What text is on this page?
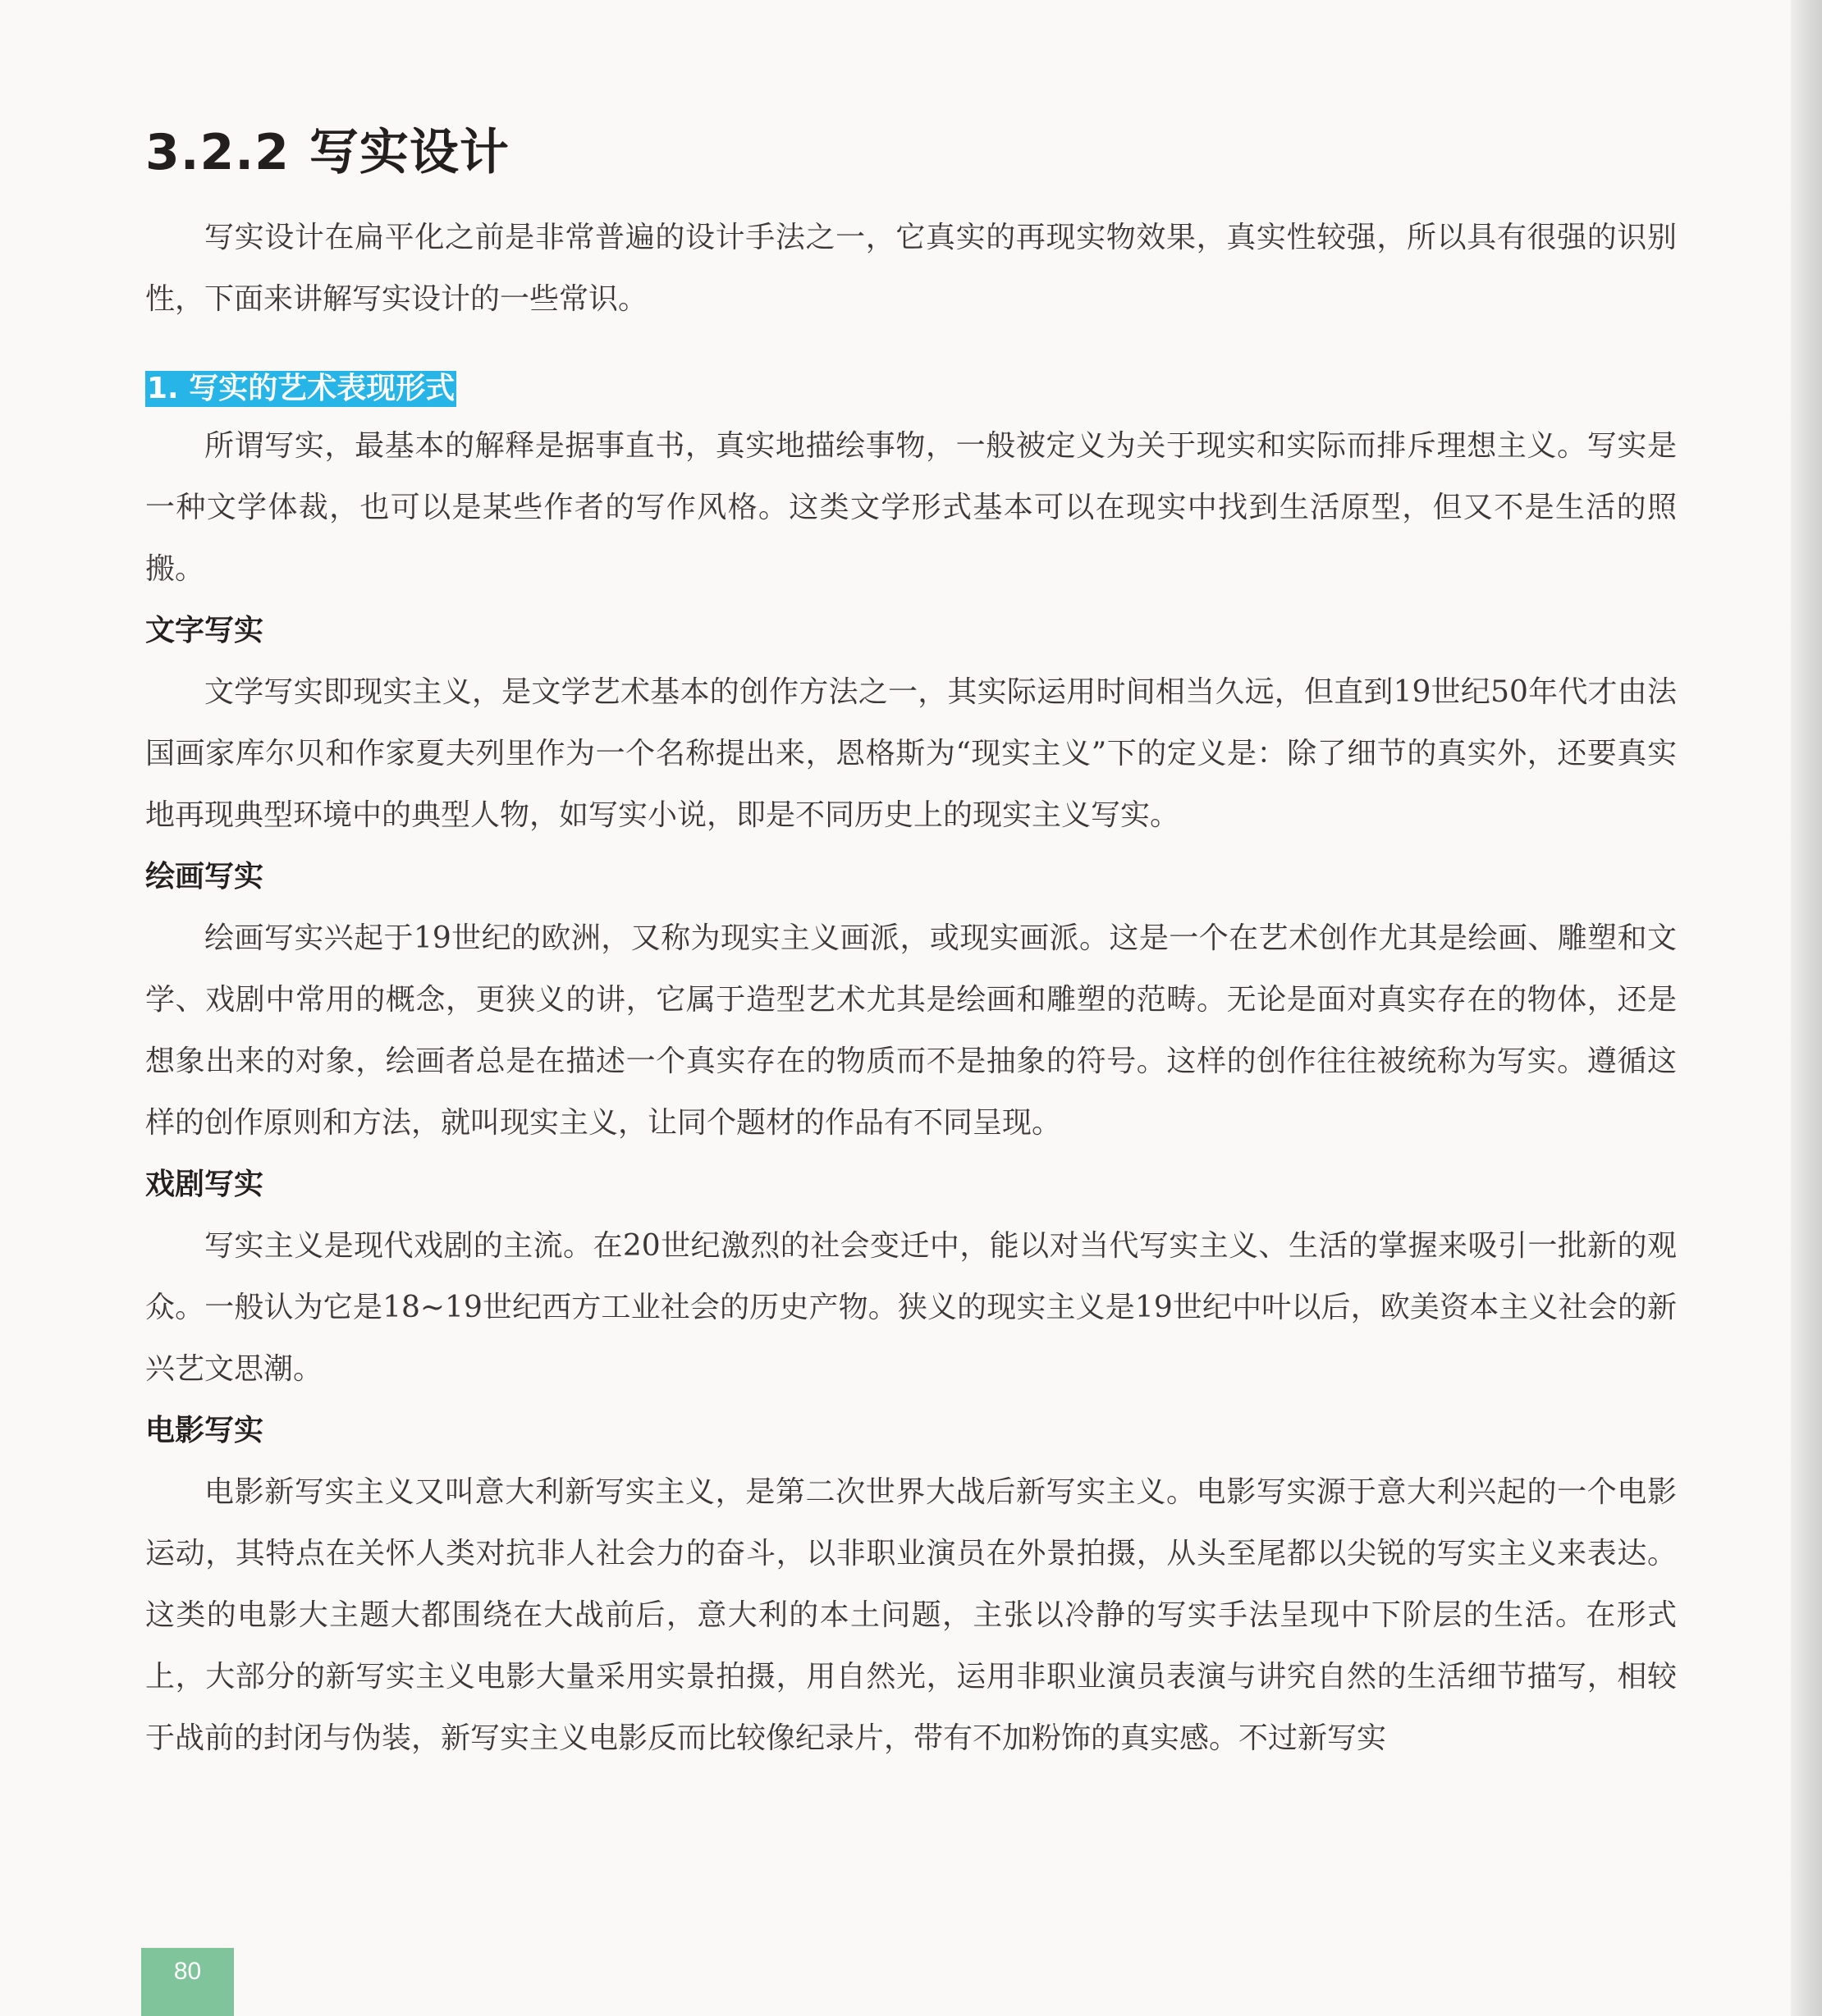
3.2.2 写实设计

写实设计在扁平化之前是非常普遍的设计手法之一，它真实的再现实物效果，真实性较强，所以具有很强的识别性，下面来讲解写实设计的一些常识。

1. 写实的艺术表现形式

所谓写实，最基本的解释是据事直书，真实地描绘事物，一般被定义为关于现实和实际而排斥理想主义。写实是一种文学体裁，也可以是某些作者的写作风格。这类文学形式基本可以在现实中找到生活原型，但又不是生活的照搬。

文字写实

文学写实即现实主义，是文学艺术基本的创作方法之一，其实际运用时间相当久远，但直到19世纪50年代才由法国画家库尔贝和作家夏夫列里作为一个名称提出来，恩格斯为“现实主义”下的定义是：除了细节的真实外，还要真实地再现典型环境中的典型人物，如写实小说，即是不同历史上的现实主义写实。

绘画写实

绘画写实兴起于19世纪的欧洲，又称为现实主义画派，或现实画派。这是一个在艺术创作尤其是绘画、雕塑和文学、戏剧中常用的概念，更狭义的讲，它属于造型艺术尤其是绘画和雕塑的范畴。无论是面对真实存在的物体，还是想象出来的对象，绘画者总是在描述一个真实存在的物质而不是抽象的符号。这样的创作往往被统称为写实。遵循这样的创作原则和方法，就叫现实主义，让同个题材的作品有不同呈现。

戏剧写实

写实主义是现代戏剧的主流。在20世纪激烈的社会变迁中，能以对当代写实主义、生活的掌握来吸引一批新的观众。一般认为它是18~19世纪西方工业社会的历史产物。狭义的现实主义是19世纪中叶以后，欧美资本主义社会的新兴艺文思潮。

电影写实

电影新写实主义又叫意大利新写实主义，是第二次世界大战后新写实主义。电影写实源于意大利兴起的一个电影运动，其特点在关怀人类对抗非人社会力的奋斗，以非职业演员在外景拍摄，从头至尾都以尖锐的写实主义来表达。这类的电影大主题大都围绕在大战前后，意大利的本土问题，主张以冷静的写实手法呈现中下阶层的生活。在形式上，大部分的新写实主义电影大量采用实景拍摄，用自然光，运用非职业演员表演与讲究自然的生活细节描写，相较于战前的封闭与伪装，新写实主义电影反而比较像纪录片，带有不加粉饰的真实感。不过新写实

80
